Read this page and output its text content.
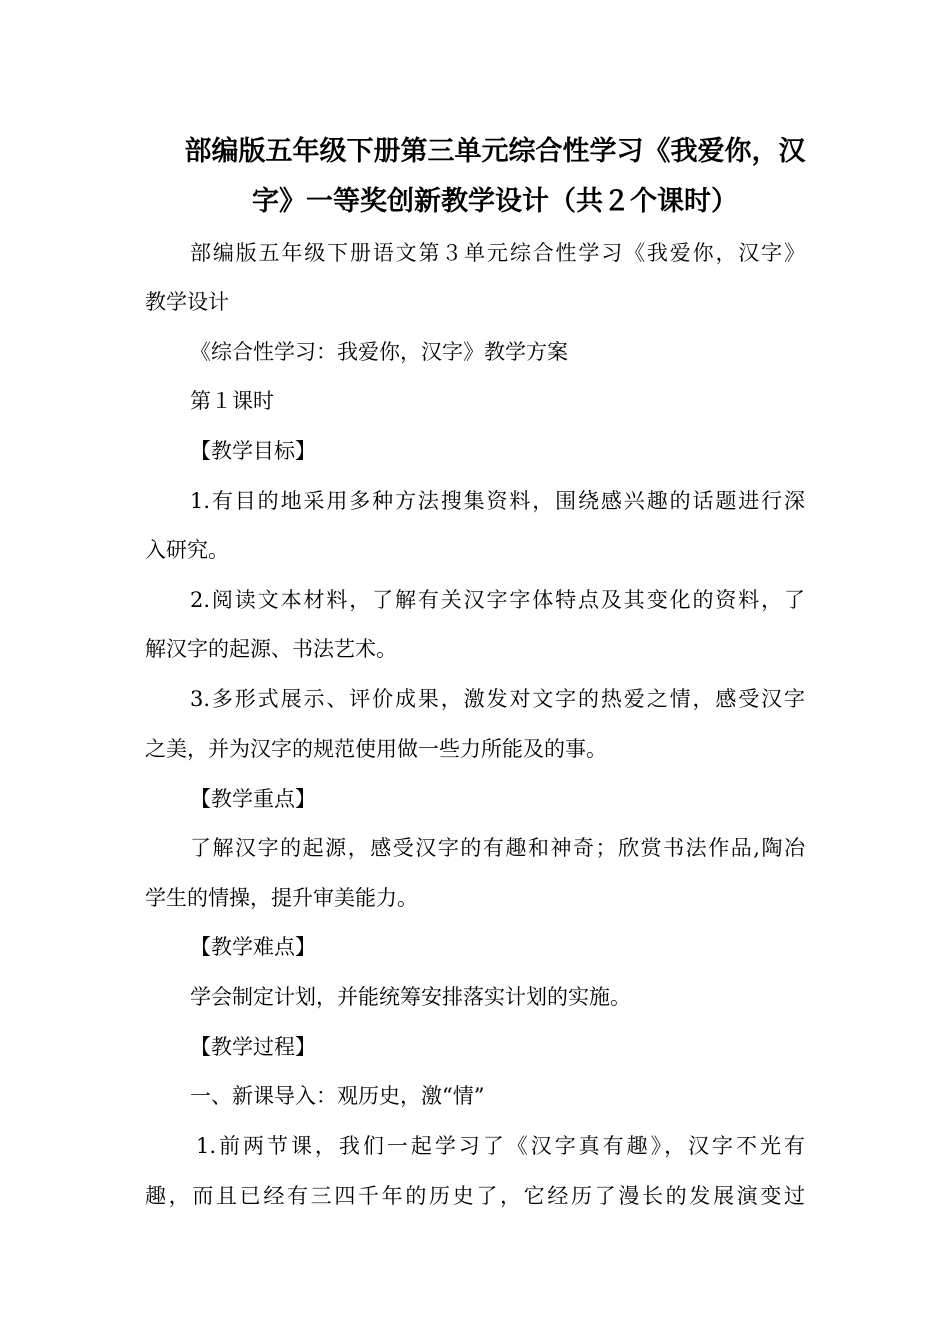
部编版五年级下册第三单元综合性学习《我爱你，汉
字》一等奖创新教学设计（共２个课时）
部编版五年级下册语文第３单元综合性学习《我爱你，汉字》
教学设计
《综合性学习：我爱你，汉字》教学方案
第１课时
【教学目标】
1.有目的地采用多种方法搜集资料，围绕感兴趣的话题进行深
入研究。
2.阅读文本材料，了解有关汉字字体特点及其变化的资料，了
解汉字的起源、书法艺术。
3.多形式展示、评价成果，激发对文字的热爱之情，感受汉字
之美，并为汉字的规范使用做一些力所能及的事。
【教学重点】
了解汉字的起源，感受汉字的有趣和神奇；欣赏书法作品,陶冶
学生的情操，提升审美能力。
【教学难点】
学会制定计划，并能统筹安排落实计划的实施。
【教学过程】
一、新课导入：观历史，激“情”
1.前两节课，我们一起学习了《汉字真有趣》，汉字不光有
趣，而且已经有三四千年的历史了，它经历了漫长的发展演变过
